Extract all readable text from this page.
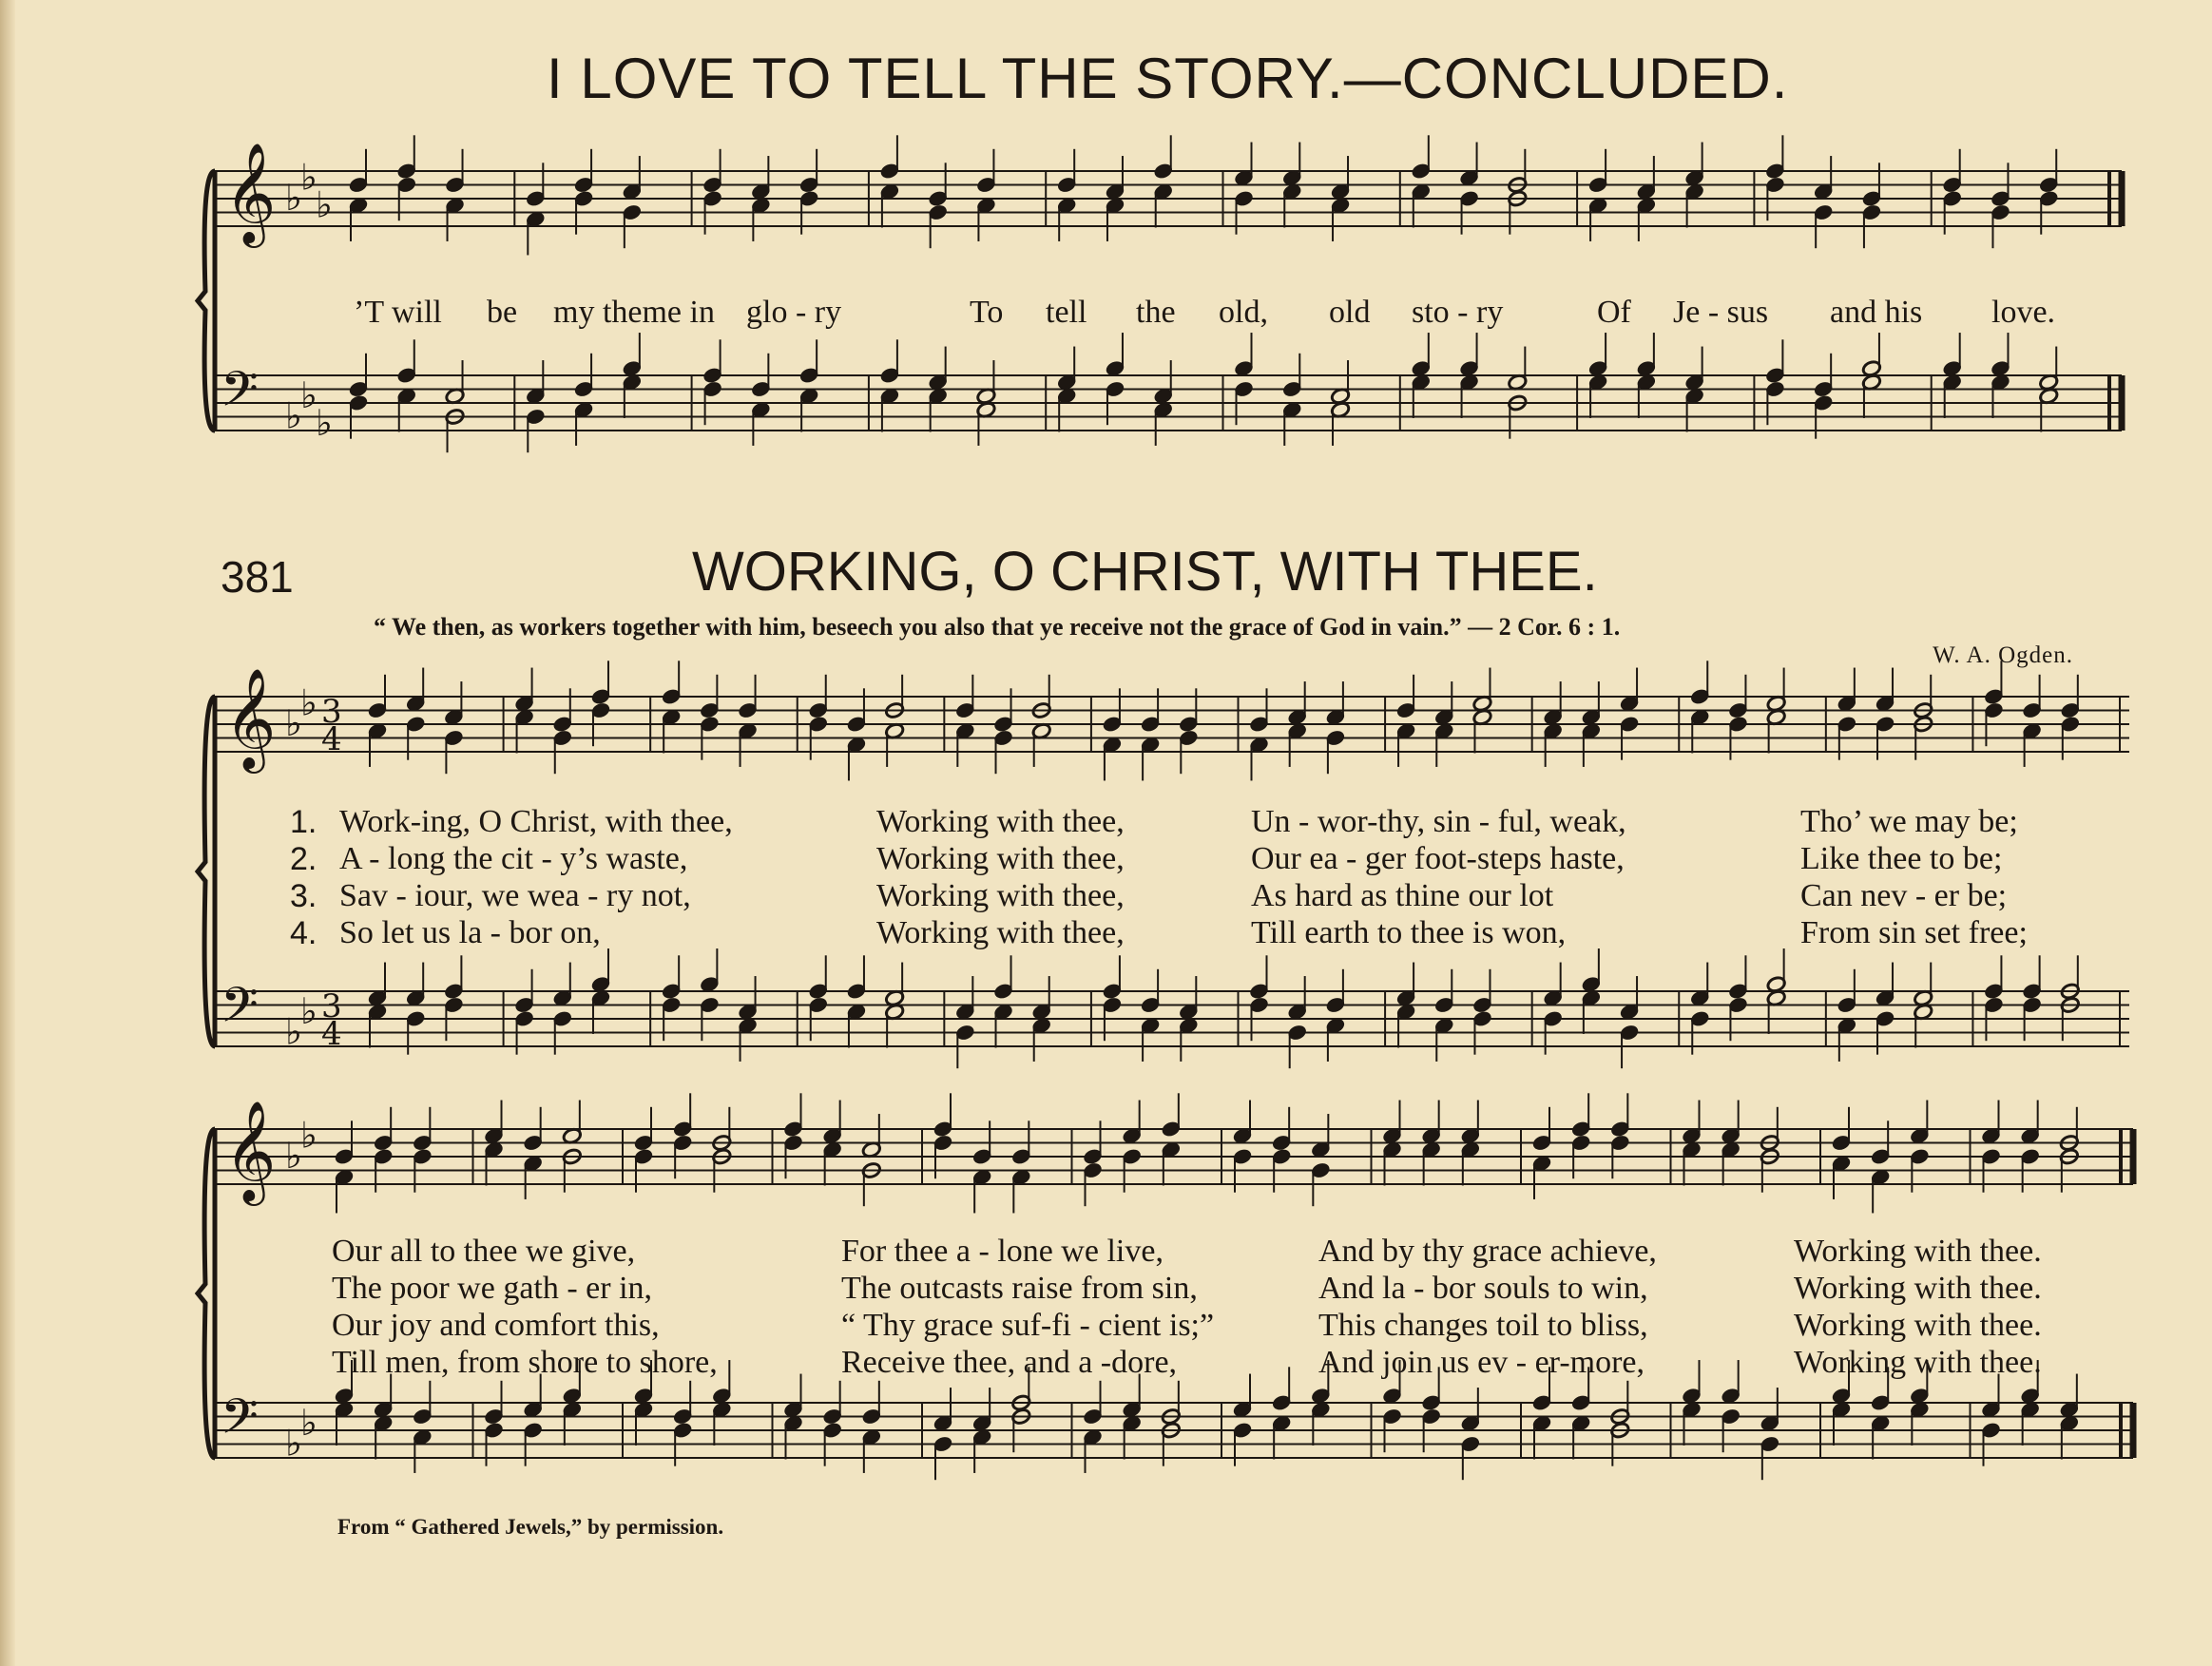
I LOVE TO TELL THE STORY.—CONCLUDED.
𝄞
𝄢
♭
♭
♭
♭
♭
♭
𝄞
𝄢
♭
♭
♭
♭
3
4
3
4
𝄞
𝄢
♭
♭
♭
♭
’T will be my theme in glo - ry	To tell the old, old sto - ry	Of Je - sus and his love.
381	WORKING, O CHRIST, WITH THEE.
“ We then, as workers together with him, beseech you also that ye receive not the grace of God in vain.” — 2 Cor. 6 : 1.
W. A. Ogden.
1. Work-ing, O Christ, with thee,	Working with thee,	Un - wor-thy, sin - ful, weak,	Tho’ we may be;
2. A - long the cit - y’s waste,	Working with thee,	Our ea - ger foot-steps haste,	Like thee to be;
3. Sav - iour, we wea - ry not,	Working with thee,	As hard as thine our lot	Can nev - er be;
4. So let us la - bor on,	Working with thee,	Till earth to thee is won,	From sin set free;
Our all to thee we give,	For thee a - lone we live,	And by thy grace achieve,	Working with thee.
The poor we gath - er in,	The outcasts raise from sin,	And la - bor souls to win,	Working with thee.
Our joy and comfort this,	“ Thy grace suf-fi - cient is;”	This changes toil to bliss,	Working with thee.
Till men, from shore to shore,	Receive thee, and a -dore,	And join us ev - er-more,	Working with thee.
From “ Gathered Jewels,” by permission.
